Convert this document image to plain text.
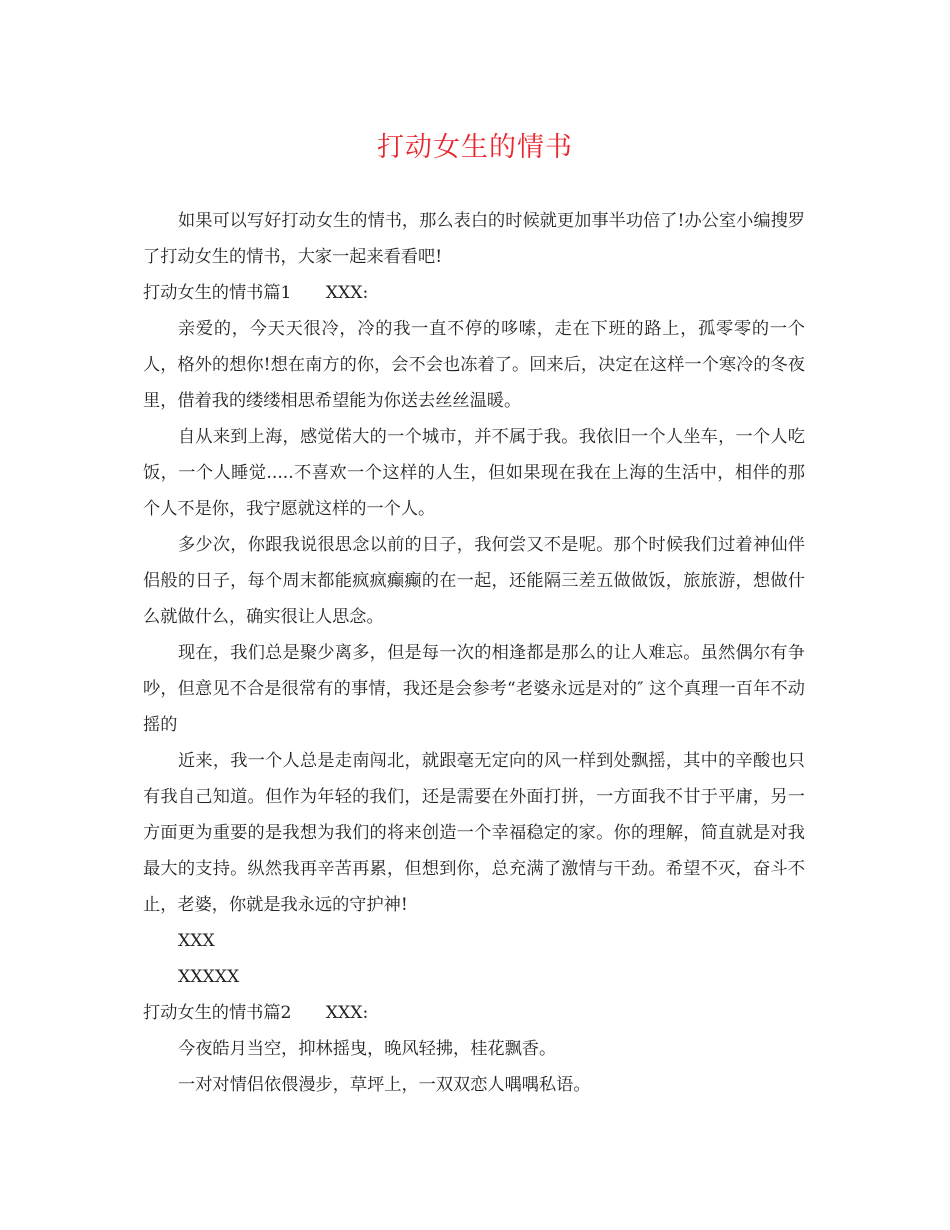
打动女生的情书

如果可以写好打动女生的情书，那么表白的时候就更加事半功倍了!办公室小编搜罗了打动女生的情书，大家一起来看看吧!

打动女生的情书篇1　　XXX:

亲爱的，今天天很冷，冷的我一直不停的哆嗦，走在下班的路上，孤零零的一个人，格外的想你!想在南方的你，会不会也冻着了。回来后，决定在这样一个寒冷的冬夜里，借着我的缕缕相思希望能为你送去丝丝温暖。

自从来到上海，感觉偌大的一个城市，并不属于我。我依旧一个人坐车，一个人吃饭，一个人睡觉.....不喜欢一个这样的人生，但如果现在我在上海的生活中，相伴的那个人不是你，我宁愿就这样的一个人。

多少次，你跟我说很思念以前的日子，我何尝又不是呢。那个时候我们过着神仙伴侣般的日子，每个周末都能疯疯癫癫的在一起，还能隔三差五做做饭，旅旅游，想做什么就做什么，确实很让人思念。

现在，我们总是聚少离多，但是每一次的相逢都是那么的让人难忘。虽然偶尔有争吵，但意见不合是很常有的事情，我还是会参考“老婆永远是对的″ 这个真理一百年不动摇的

近来，我一个人总是走南闯北，就跟毫无定向的风一样到处飘摇，其中的辛酸也只有我自己知道。但作为年轻的我们，还是需要在外面打拼，一方面我不甘于平庸，另一方面更为重要的是我想为我们的将来创造一个幸福稳定的家。你的理解，简直就是对我最大的支持。纵然我再辛苦再累，但想到你，总充满了激情与干劲。希望不灭，奋斗不止，老婆，你就是我永远的守护神!

XXX

XXXXX

打动女生的情书篇2　　XXX:

今夜皓月当空，抑林摇曳，晚风轻拂，桂花飘香。

一对对情侣依偎漫步，草坪上，一双双恋人喁喁私语。
